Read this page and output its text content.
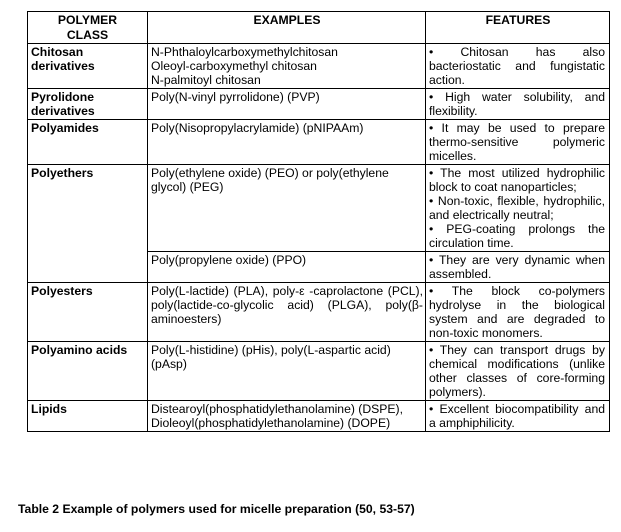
POLYMER CLASS	EXAMPLES	FEATURES
Chitosan derivatives	N-Phthaloylcarboxymethylchitosan
Oleoyl-carboxymethyl chitosan
N-palmitoyl chitosan	• Chitosan has also bacteriostatic and fungistatic action.

Pyrolidone derivatives	Poly(N-vinyl pyrrolidone) (PVP)	• High water solubility, and flexibility.

Polyamides	Poly(Nisopropylacrylamide) (pNIPAAm)	• It may be used to prepare thermo-sensitive polymeric micelles.

Polyethers	Poly(ethylene oxide) (PEO) or poly(ethylene glycol) (PEG)	• The most utilized hydrophilic block to coat nanoparticles;
• Non-toxic, flexible, hydrophilic, and electrically neutral;
• PEG-coating prolongs the circulation time.

	Poly(propylene oxide) (PPO)	• They are very dynamic when assembled.

Polyesters	Poly(L-lactide) (PLA), poly-ε -caprolactone (PCL), poly(lactide-co-glycolic acid) (PLGA), poly(β-aminoesters)	• The block co-polymers hydrolyse in the biological system and are degraded to non-toxic monomers.

Polyamino acids	Poly(L-histidine) (pHis), poly(L-aspartic acid) (pAsp)	• They can transport drugs by chemical modifications (unlike other classes of core-forming polymers).

Lipids	Distearoyl(phosphatidylethanolamine) (DSPE),
Dioleoyl(phosphatidylethanolamine) (DOPE)	• Excellent biocompatibility and a amphiphilicity.
Table 2 Example of polymers used for micelle preparation (50, 53-57)
